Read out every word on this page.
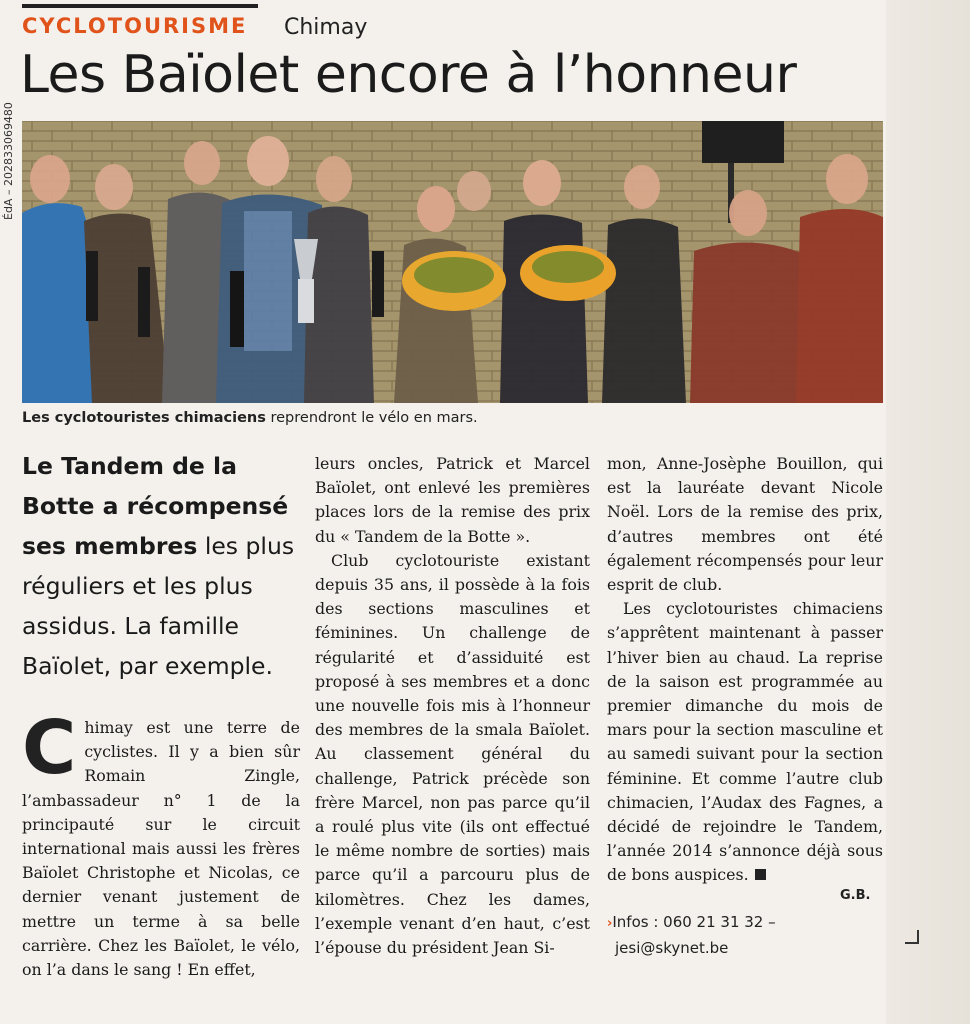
CYCLOTOURISME Chimay
Les Baïolet encore à l’honneur
ÉdA – 202833069480
Les cyclotouristes chimaciens reprendront le vélo en mars.
Le Tandem de la Botte a récompensé ses membres les plus réguliers et les plus assidus. La famille Baïolet, par exemple.

Chimay est une terre de cyclistes. Il y a bien sûr Romain Zingle, l’ambassadeur n° 1 de la principauté sur le circuit international mais aussi les frères Baïolet Christophe et Nicolas, ce dernier venant justement de mettre un terme à sa belle carrière. Chez les Baïolet, le vélo, on l’a dans le sang ! En effet,

leurs oncles, Patrick et Marcel Baïolet, ont enlevé les premières places lors de la remise des prix du « Tandem de la Botte ».

Club cyclotouriste existant depuis 35 ans, il possède à la fois des sections masculines et féminines. Un challenge de régularité et d’assiduité est proposé à ses membres et a donc une nouvelle fois mis à l’honneur des membres de la smala Baïolet. Au classement général du challenge, Patrick précède son frère Marcel, non pas parce qu’il a roulé plus vite (ils ont effectué le même nombre de sorties) mais parce qu’il a parcouru plus de kilomètres. Chez les dames, l’exemple venant d’en haut, c’est l’épouse du président Jean Si-

mon, Anne-Josèphe Bouillon, qui est la lauréate devant Nicole Noël. Lors de la remise des prix, d’autres membres ont été également récompensés pour leur esprit de club.

Les cyclotouristes chimaciens s’apprêtent maintenant à passer l’hiver bien au chaud. La reprise de la saison est programmée au premier dimanche du mois de mars pour la section masculine et au samedi suivant pour la section féminine. Et comme l’autre club chimacien, l’Audax des Fagnes, a décidé de rejoindre le Tandem, l’année 2014 s’annonce déjà sous de bons auspices.

G.B.
›Infos : 060 21 31 32 –
jesi@skynet.be
